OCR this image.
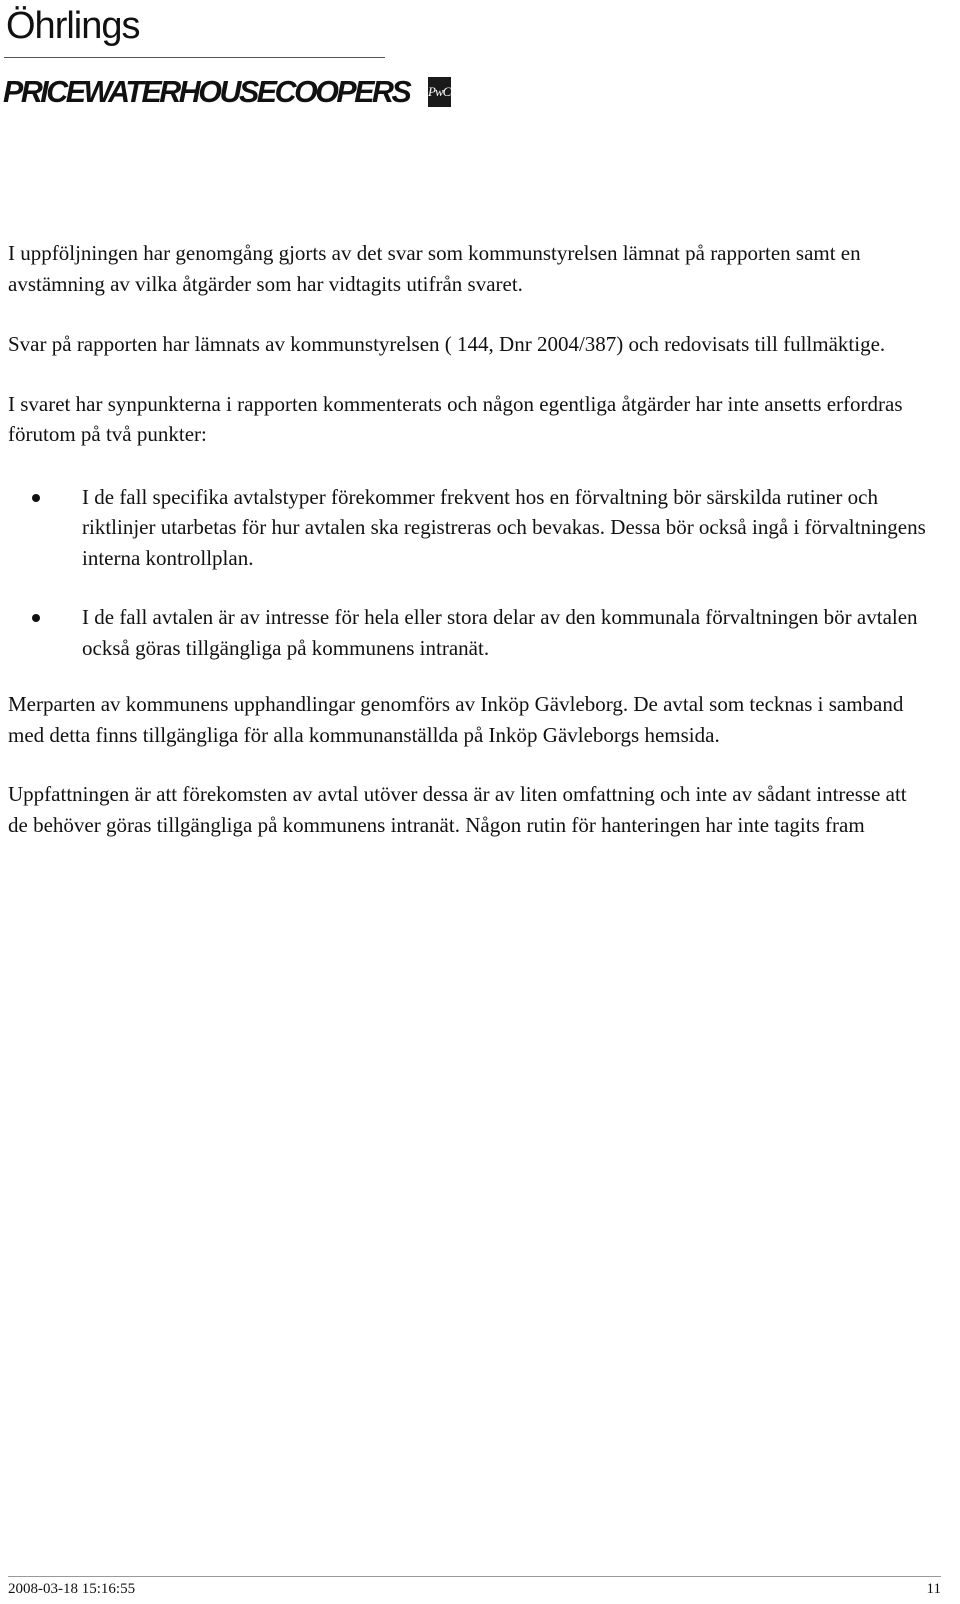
Öhrlings
PRICEWATERHOUSECOOPERS PwC

I uppföljningen har genomgång gjorts av det svar som kommunstyrelsen lämnat på rapporten samt en avstämning av vilka åtgärder som har vidtagits utifrån svaret.

Svar på rapporten har lämnats av kommunstyrelsen ( 144, Dnr 2004/387) och redovisats till fullmäktige.

I svaret har synpunkterna i rapporten kommenterats och någon egentliga åtgärder har inte ansetts erfordras förutom på två punkter:

I de fall specifika avtalstyper förekommer frekvent hos en förvaltning bör särskilda rutiner och riktlinjer utarbetas för hur avtalen ska registreras och bevakas. Dessa bör också ingå i förvaltningens interna kontrollplan.
I de fall avtalen är av intresse för hela eller stora delar av den kommunala förvaltningen bör avtalen också göras tillgängliga på kommunens intranät.

Merparten av kommunens upphandlingar genomförs av Inköp Gävleborg. De avtal som tecknas i samband med detta finns tillgängliga för alla kommunanställda på Inköp Gävleborgs hemsida.

Uppfattningen är att förekomsten av avtal utöver dessa är av liten omfattning och inte av sådant intresse att de behöver göras tillgängliga på kommunens intranät. Någon rutin för hanteringen har inte tagits fram

2008-03-18 15:16:55	11
